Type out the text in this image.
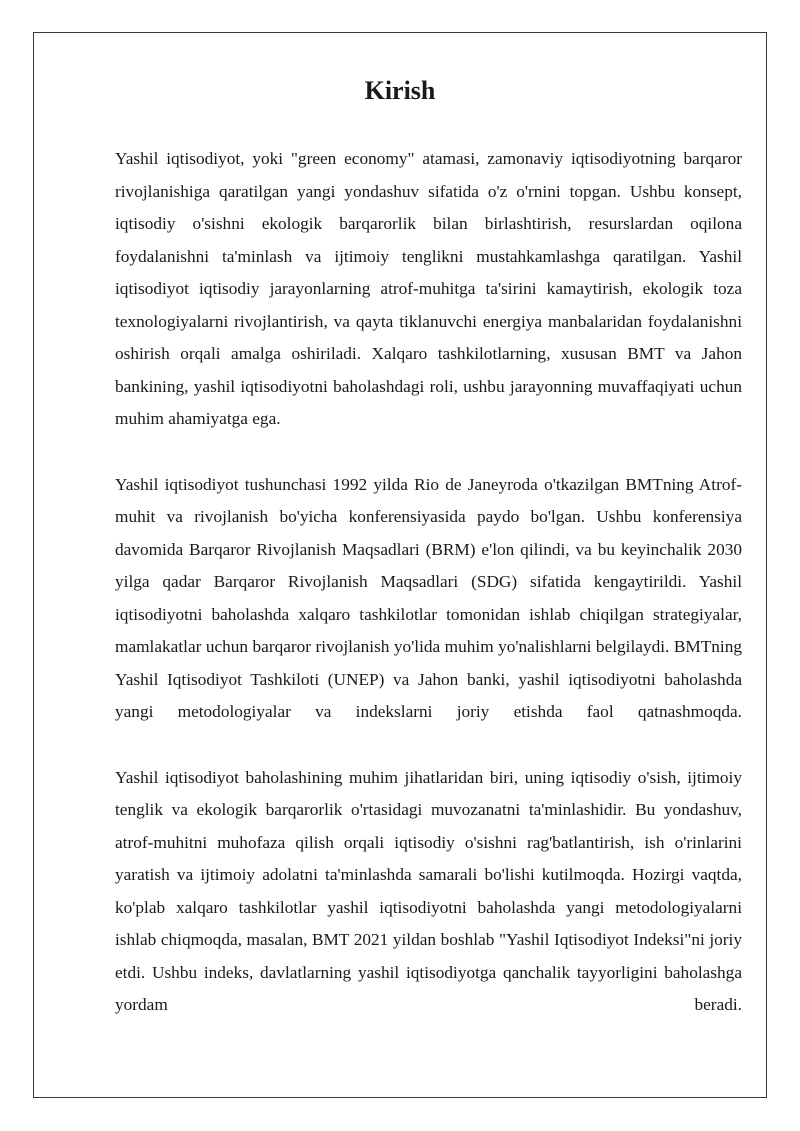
Kirish

Yashil iqtisodiyot, yoki "green economy" atamasi, zamonaviy iqtisodiyotning barqaror rivojlanishiga qaratilgan yangi yondashuv sifatida o'z o'rnini topgan. Ushbu konsept, iqtisodiy o'sishni ekologik barqarorlik bilan birlashtirish, resurslardan oqilona foydalanishni ta'minlash va ijtimoiy tenglikni mustahkamlashga qaratilgan. Yashil iqtisodiyot iqtisodiy jarayonlarning atrof-muhitga ta'sirini kamaytirish, ekologik toza texnologiyalarni rivojlantirish, va qayta tiklanuvchi energiya manbalaridan foydalanishni oshirish orqali amalga oshiriladi. Xalqaro tashkilotlarning, xususan BMT va Jahon bankining, yashil iqtisodiyotni baholashdagi roli, ushbu jarayonning muvaffaqiyati uchun muhim ahamiyatga ega.

Yashil iqtisodiyot tushunchasi 1992 yilda Rio de Janeyroda o'tkazilgan BMTning Atrof-muhit va rivojlanish bo'yicha konferensiyasida paydo bo'lgan. Ushbu konferensiya davomida Barqaror Rivojlanish Maqsadlari (BRM) e'lon qilindi, va bu keyinchalik 2030 yilga qadar Barqaror Rivojlanish Maqsadlari (SDG) sifatida kengaytirildi. Yashil iqtisodiyotni baholashda xalqaro tashkilotlar tomonidan ishlab chiqilgan strategiyalar, mamlakatlar uchun barqaror rivojlanish yo'lida muhim yo'nalishlarni belgilaydi. BMTning Yashil Iqtisodiyot Tashkiloti (UNEP) va Jahon banki, yashil iqtisodiyotni baholashda yangi metodologiyalar va indekslarni joriy etishda faol qatnashmoqda.

Yashil iqtisodiyot baholashining muhim jihatlaridan biri, uning iqtisodiy o'sish, ijtimoiy tenglik va ekologik barqarorlik o'rtasidagi muvozanatni ta'minlashidir. Bu yondashuv, atrof-muhitni muhofaza qilish orqali iqtisodiy o'sishni rag'batlantirish, ish o'rinlarini yaratish va ijtimoiy adolatni ta'minlashda samarali bo'lishi kutilmoqda. Hozirgi vaqtda, ko'plab xalqaro tashkilotlar yashil iqtisodiyotni baholashda yangi metodologiyalarni ishlab chiqmoqda, masalan, BMT 2021 yildan boshlab "Yashil Iqtisodiyot Indeksi"ni joriy etdi. Ushbu indeks, davlatlarning yashil iqtisodiyotga qanchalik tayyorligini baholashga yordam beradi.
